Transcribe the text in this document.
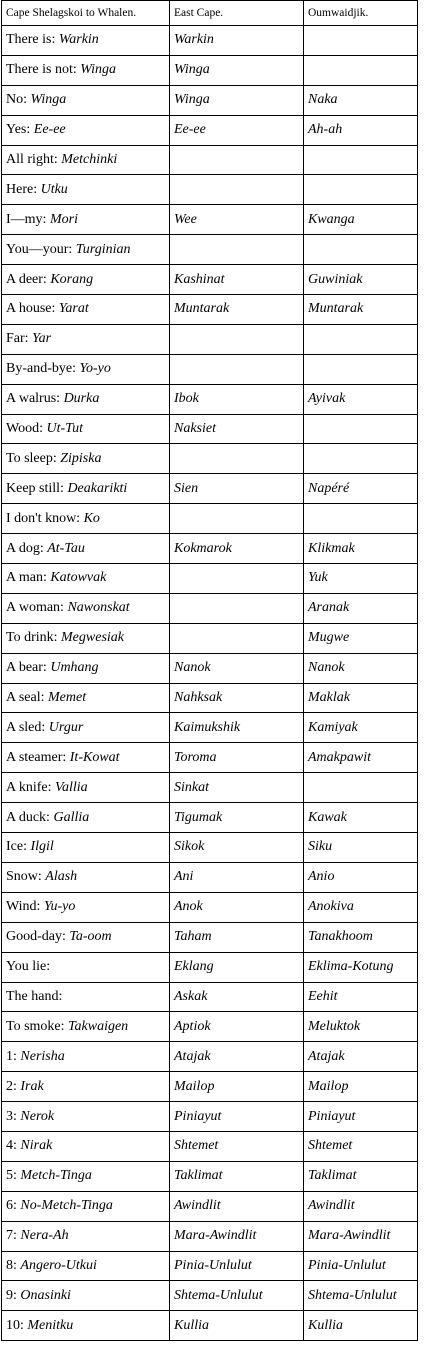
Cape Shelagskoi to Whalen.	East Cape.	Oumwaidjik.
There is: Warkin	Warkin	
There is not: Winga	Winga	
No: Winga	Winga	Naka
Yes: Ee-ee	Ee-ee	Ah-ah
All right: Metchinki		
Here: Utku		
I—my: Mori	Wee	Kwanga
You—your: Turginian		
A deer: Korang	Kashinat	Guwiniak
A house: Yarat	Muntarak	Muntarak
Far: Yar		
By-and-bye: Yo-yo		
A walrus: Durka	Ibok	Ayivak
Wood: Ut-Tut	Naksiet	
To sleep: Zipiska		
Keep still: Deakarikti	Sien	Napéré
I don't know: Ko		
A dog: At-Tau	Kokmarok	Klikmak
A man: Katowvak		Yuk
A woman: Nawonskat		Aranak
To drink: Megwesiak		Mugwe
A bear: Umhang	Nanok	Nanok
A seal: Memet	Nahksak	Maklak
A sled: Urgur	Kaimukshik	Kamiyak
A steamer: It-Kowat	Toroma	Amakpawit
A knife: Vallia	Sinkat	
A duck: Gallia	Tigumak	Kawak
Ice: Ilgil	Sikok	Siku
Snow: Alash	Ani	Anio
Wind: Yu-yo	Anok	Anokiva
Good-day: Ta-oom	Taham	Tanakhoom
You lie:	Eklang	Eklima-Kotung
The hand:	Askak	Eehit
To smoke: Takwaigen	Aptiok	Meluktok
1: Nerisha	Atajak	Atajak
2: Irak	Mailop	Mailop
3: Nerok	Piniayut	Piniayut
4: Nirak	Shtemet	Shtemet
5: Metch-Tinga	Taklimat	Taklimat
6: No-Metch-Tinga	Awindlit	Awindlit
7: Nera-Ah	Mara-Awindlit	Mara-Awindlit
8: Angero-Utkui	Pinia-Unlulut	Pinia-Unlulut
9: Onasinki	Shtema-Unlulut	Shtema-Unlulut
10: Menitku	Kullia	Kullia
